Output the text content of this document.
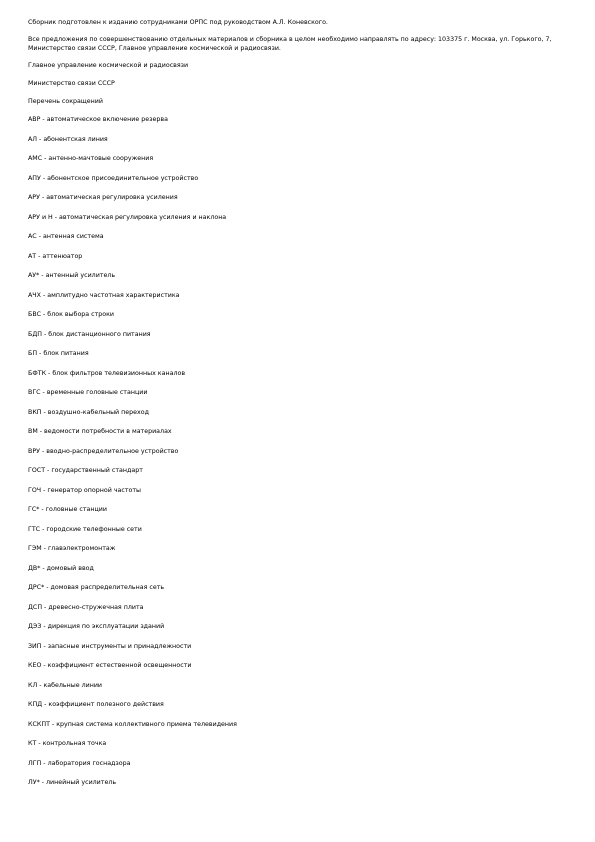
Сборник подготовлен к изданию сотрудниками ОРПС под руководством А.Л. Коневского.

Все предложения по совершенствованию отдельных материалов и сборника в целом необходимо направлять по адресу: 103375 г. Москва, ул. Горького, 7, Министерство связи СССР, Главное управление космической и радиосвязи.

Главное управление космической и радиосвязи

Министерство связи СССР

Перечень сокращений

АВР - автоматическое включение резерва
АЛ - абонентская линия
АМС - антенно-мачтовые сооружения
АПУ - абонентское присоединительное устройство
АРУ - автоматическая регулировка усиления
АРУ и Н - автоматическая регулировка усиления и наклона
АС - антенная система
АТ - аттенюатор
АУ* - антенный усилитель
АЧХ - амплитудно частотная характеристика
БВС - блок выбора строки
БДП - блок дистанционного питания
БП - блок питания
БФТК - блок фильтров телевизионных каналов
ВГС - временные головные станции
ВКП - воздушно-кабельный переход
ВМ - ведомости потребности в материалах
ВРУ - вводно-распределительное устройство
ГОСТ - государственный стандарт
ГОЧ - генератор опорной частоты
ГС* - головные станции
ГТС - городские телефонные сети
ГЭМ - главэлектромонтаж
ДВ* - домовый ввод
ДРС* - домовая распределительная сеть
ДСП - древесно-стружечная плита
ДЭЗ - дирекция по эксплуатации зданий
ЗИП - запасные инструменты и принадлежности
КЕО - коэффициент естественной освещенности
КЛ - кабельные линии
КПД - коэффициент полезного действия
КСКПТ - крупная система коллективного приема телевидения
КТ - контрольная точка
ЛГП - лаборатория госнадзора
ЛУ* - линейный усилитель
